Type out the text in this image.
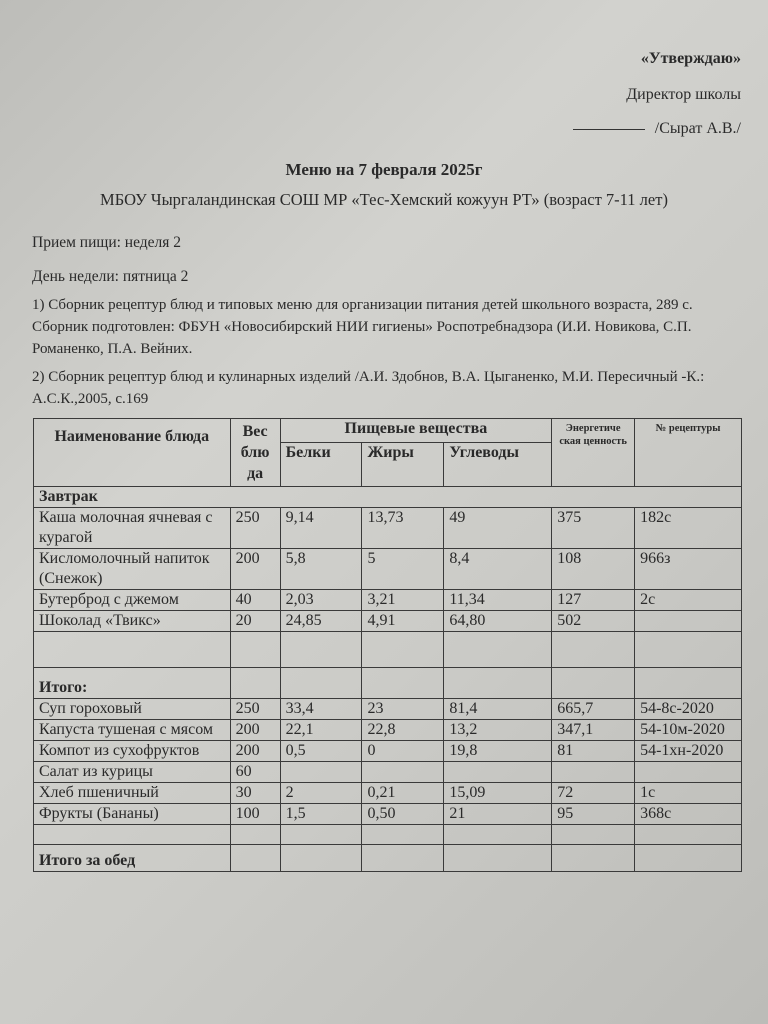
«Утверждаю»
Директор школы
/Сырат А.В./
Меню на 7 февраля 2025г
МБОУ Чыргаландинская СОШ МР «Тес-Хемский кожуун РТ» (возраст 7-11 лет)
Прием пищи: неделя 2
День недели: пятница 2
1) Сборник рецептур блюд и типовых меню для организации питания детей школьного возраста, 289 с. Сборник подготовлен: ФБУН «Новосибирский НИИ гигиены» Роспотребнадзора (И.И. Новикова, С.П. Романенко, П.А. Вейних.
2) Сборник рецептур блюд и кулинарных изделий /А.И. Здобнов, В.А. Цыганенко, М.И. Пересичный -К.: А.С.К.,2005, с.169
Наименование блюда	Вес блю да	Пищевые вещества			Энергетиче ская ценность	№ рецептуры
		Белки	Жиры	Углеводы		
Завтрак						
Каша молочная ячневая с курагой	250	9,14	13,73	49	375	182с
Кисломолочный напиток (Снежок)	200	5,8	5	8,4	108	966з
Бутерброд с джемом	40	2,03	3,21	11,34	127	2с
Шоколад «Твикс»	20	24,85	4,91	64,80	502	

Итого:						
Суп гороховый	250	33,4	23	81,4	665,7	54-8с-2020
Капуста тушеная с мясом	200	22,1	22,8	13,2	347,1	54-10м-2020
Компот из сухофруктов	200	0,5	0	19,8	81	54-1хн-2020
Салат из курицы	60					
Хлеб пшеничный	30	2	0,21	15,09	72	1с
Фрукты (Бананы)	100	1,5	0,50	21	95	368с

Итого за обед						
